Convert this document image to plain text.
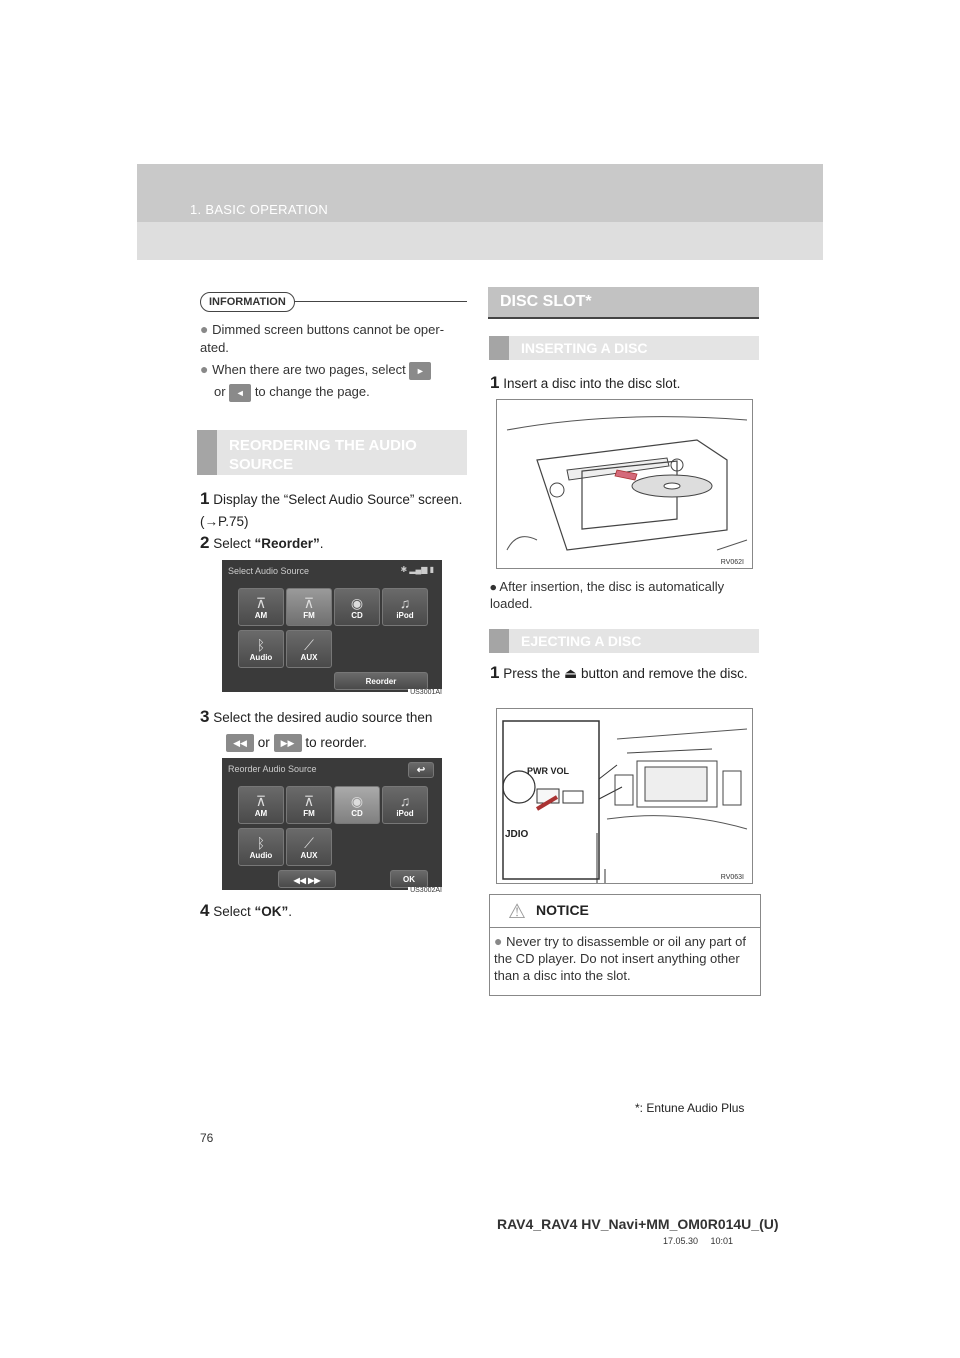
1. BASIC OPERATION
INFORMATION
● Dimmed screen buttons cannot be oper-ated.
● When there are two pages, select ►
or ◄ to change the page.
REORDERING THE AUDIO SOURCE
1 Display the “Select Audio Source” screen. (→P.75)
2 Select “Reorder”.
Select Audio Source	✱ ▂▄▆ ▮
⊼
AM
⊼
FM
◉
CD
♫
iPod
ᛒ
Audio
⟋
AUX
Reorder
US3001AI
3 Select the desired audio source then
◀◀ or ▶▶ to reorder.
Reorder Audio Source	↩
⊼
AM
⊼
FM
◉
CD
♫
iPod
ᛒ
Audio
⟋
AUX
◀◀ ▶▶	OK
US3002AI
4 Select “OK”.
DISC SLOT*
INSERTING A DISC
1 Insert a disc into the disc slot.
RV062I
⦁ After insertion, the disc is automatically loaded.
EJECTING A DISC
1 Press the ⏏ button and remove the disc.
PWR VOL
JDIO
RV063I
⚠ NOTICE
● Never try to disassemble or oil any part of the CD player. Do not insert anything other than a disc into the slot.
*: Entune Audio Plus
76
RAV4_RAV4 HV_Navi+MM_OM0R014U_(U)
17.05.30     10:01
